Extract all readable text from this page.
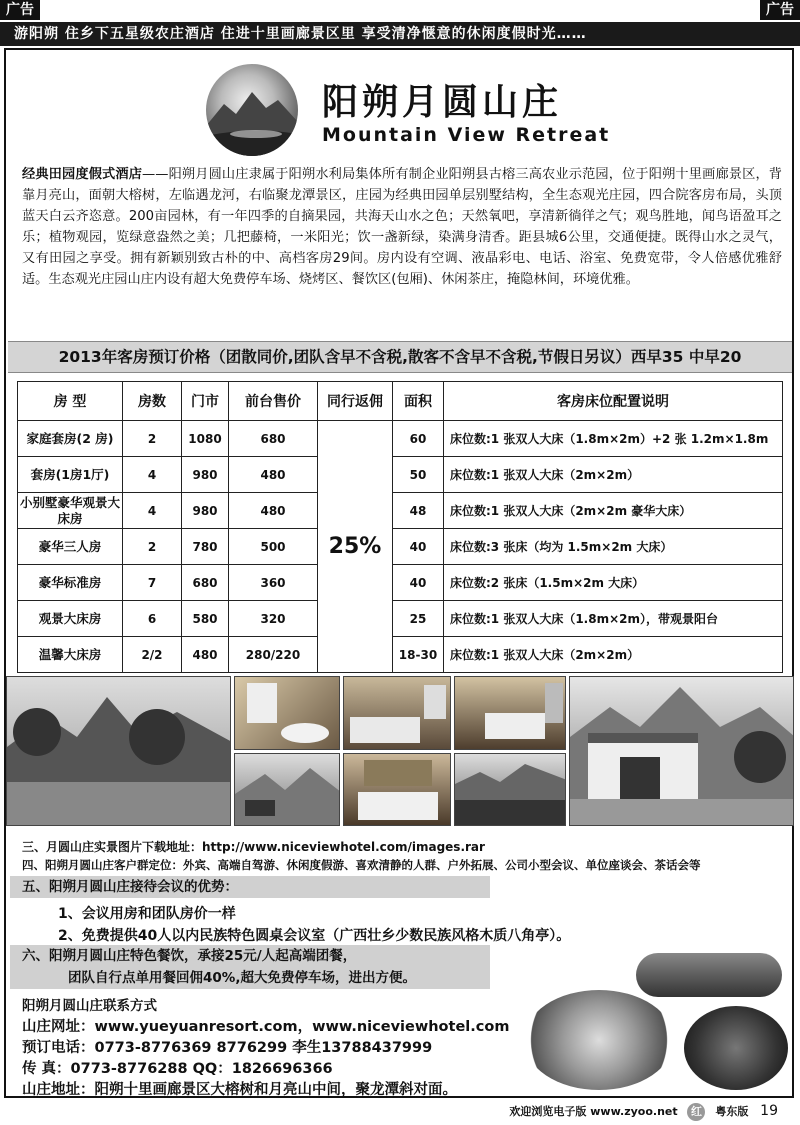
广告	广告
游阳朔 住乡下五星级农庄酒店 住进十里画廊景区里 享受清净惬意的休闲度假时光……
阳朔月圆山庄
Mountain View Retreat
经典田园度假式酒店——阳朔月圆山庄隶属于阳朔水利局集体所有制企业阳朔县古榕三高农业示范园，位于阳朔十里画廊景区，背靠月亮山，面朝大榕树，左临遇龙河，右临聚龙潭景区，庄园为经典田园单层别墅结构，全生态观光庄园，四合院客房布局，头顶蓝天白云齐恣意。200亩园林，有一年四季的自摘果园，共海天山水之色；天然氧吧，享清新徜徉之气；观鸟胜地，闻鸟语盈耳之乐；植物观园，览绿意盎然之美；几把藤椅，一米阳光；饮一盏新绿，染满身清香。距县城6公里，交通便捷。既得山水之灵气，又有田园之享受。拥有新颖别致古朴的中、高档客房29间。房内设有空调、液晶彩电、电话、浴室、免费宽带，令人倍感优雅舒适。生态观光庄园山庄内设有超大免费停车场、烧烤区、餐饮区(包厢)、休闲茶庄，掩隐林间，环境优雅。
2013年客房预订价格（团散同价,团队含早不含税,散客不含早不含税,节假日另议）西早35 中早20
房 型	房数	门市	前台售价	同行返佣	面积	客房床位配置说明
家庭套房(2 房)	2	1080	680	25%	60	床位数:1 张双人大床（1.8m×2m）+2 张 1.2m×1.8m
套房(1房1厅)	4	980	480		50	床位数:1 张双人大床（2m×2m）
小别墅豪华观景大床房	4	980	480		48	床位数:1 张双人大床（2m×2m 豪华大床）
豪华三人房	2	780	500		40	床位数:3 张床（均为 1.5m×2m 大床）
豪华标准房	7	680	360		40	床位数:2 张床（1.5m×2m 大床）
观景大床房	6	580	320		25	床位数:1 张双人大床（1.8m×2m），带观景阳台
温馨大床房	2/2	480	280/220		18-30	床位数:1 张双人大床（2m×2m）
三、月圆山庄实景图片下载地址：http://www.niceviewhotel.com/images.rar
四、阳朔月圆山庄客户群定位：外宾、高端自驾游、休闲度假游、喜欢清静的人群、户外拓展、公司小型会议、单位座谈会、茶话会等
五、阳朔月圆山庄接待会议的优势：
1、会议用房和团队房价一样
2、免费提供40人以内民族特色圆桌会议室（广西壮乡少数民族风格木质八角亭）。
六、阳朔月圆山庄特色餐饮，承接25元/人起高端团餐，
团队自行点单用餐回佣40%,超大免费停车场，进出方便。
阳朔月圆山庄联系方式
山庄网址：www.yueyuanresort.com，www.niceviewhotel.com
预订电话：0773-8776369 8776299 李生13788437999
传 真：0773-8776288 QQ：1826696366
山庄地址：阳朔十里画廊景区大榕树和月亮山中间，聚龙潭斜对面。
欢迎浏览电子版 www.zyoo.net 红 粤东版 19
